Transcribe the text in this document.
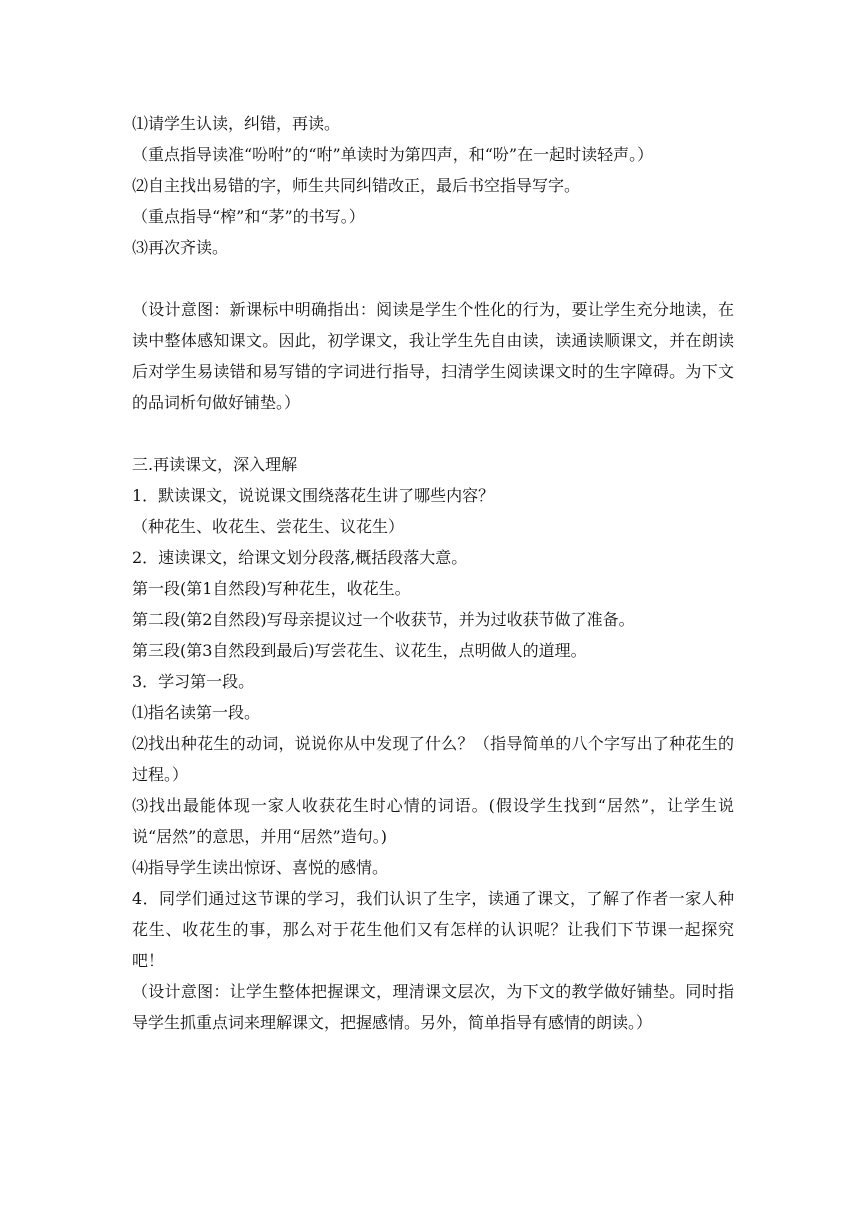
⑴请学生认读，纠错，再读。

（重点指导读准“吩咐”的“咐”单读时为第四声，和“吩”在一起时读轻声。）

⑵自主找出易错的字，师生共同纠错改正，最后书空指导写字。

（重点指导“榨”和“茅”的书写。）

⑶再次齐读。

（设计意图：新课标中明确指出：阅读是学生个性化的行为，要让学生充分地读，在读中整体感知课文。因此，初学课文，我让学生先自由读，读通读顺课文，并在朗读后对学生易读错和易写错的字词进行指导，扫清学生阅读课文时的生字障碍。为下文的品词析句做好铺垫。）

三.再读课文，深入理解

1．默读课文，说说课文围绕落花生讲了哪些内容？

（种花生、收花生、尝花生、议花生）

2．速读课文，给课文划分段落,概括段落大意。

第一段(第1自然段)写种花生，收花生。

第二段(第2自然段)写母亲提议过一个收获节，并为过收获节做了准备。

第三段(第3自然段到最后)写尝花生、议花生，点明做人的道理。

3．学习第一段。

⑴指名读第一段。

⑵找出种花生的动词，说说你从中发现了什么？（指导简单的八个字写出了种花生的过程。）

⑶找出最能体现一家人收获花生时心情的词语。(假设学生找到“居然”，让学生说说“居然”的意思，并用“居然”造句。)

⑷指导学生读出惊讶、喜悦的感情。

4．同学们通过这节课的学习，我们认识了生字，读通了课文，了解了作者一家人种花生、收花生的事，那么对于花生他们又有怎样的认识呢？让我们下节课一起探究吧！

（设计意图：让学生整体把握课文，理清课文层次，为下文的教学做好铺垫。同时指导学生抓重点词来理解课文，把握感情。另外，简单指导有感情的朗读。）
